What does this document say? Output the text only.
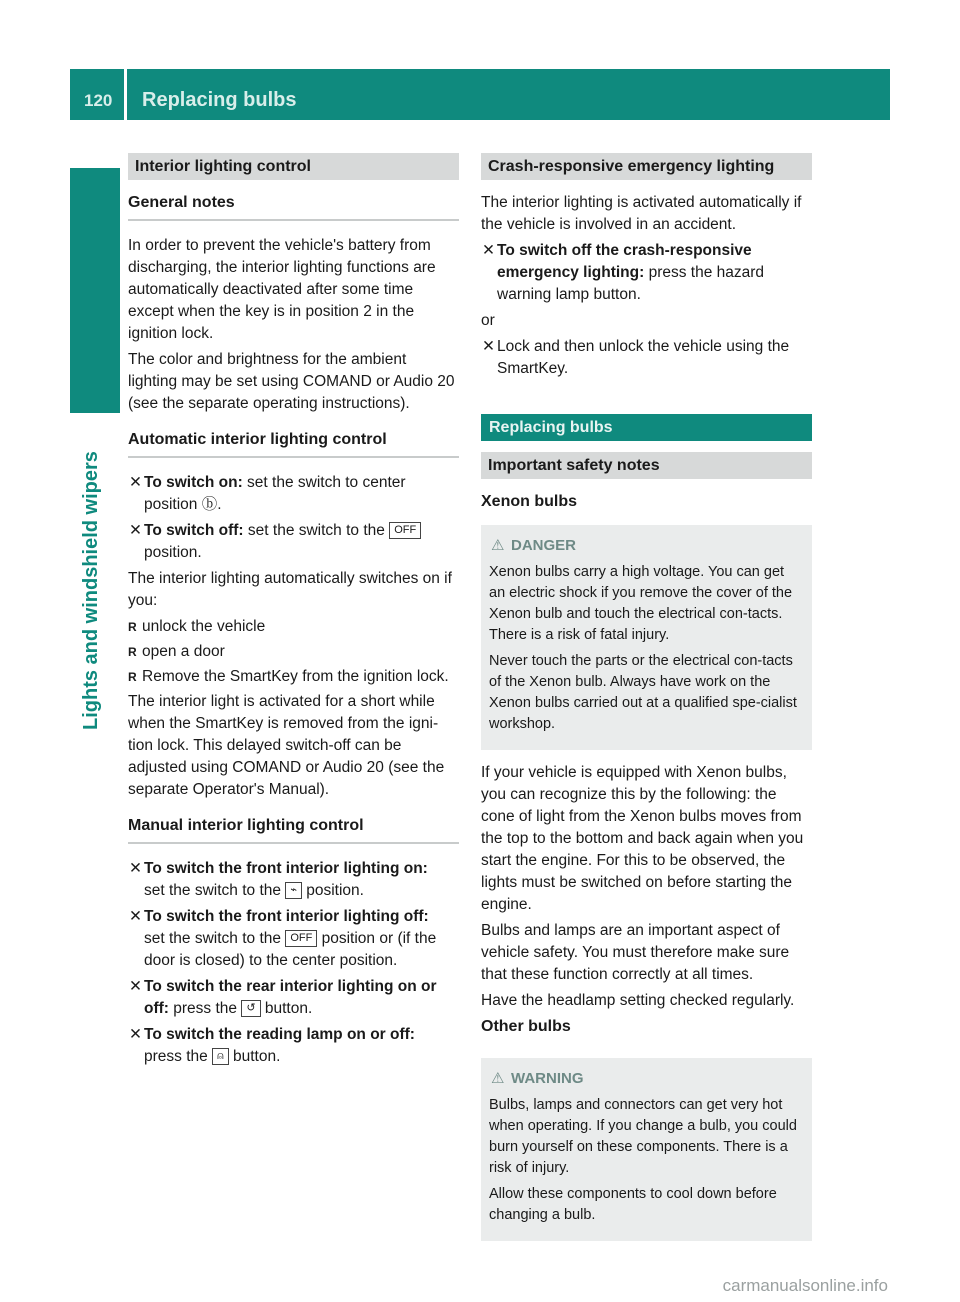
120 Replacing bulbs
Lights and windshield wipers
Interior lighting control
General notes

In order to prevent the vehicle's battery from discharging, the interior lighting functions are automatically deactivated after some time except when the key is in position 2 in the ignition lock.

The color and brightness for the ambient lighting may be set using COMAND or Audio 20 (see the separate operating instructions).

Automatic interior lighting control
✕ To switch on: set the switch to center position ⓑ.
✕ To switch off: set the switch to the OFF position.

The interior lighting automatically switches on if you:

R unlock the vehicle
R open a door
R Remove the SmartKey from the ignition lock.

The interior light is activated for a short while when the SmartKey is removed from the igni-tion lock. This delayed switch-off can be adjusted using COMAND or Audio 20 (see the separate Operator's Manual).

Manual interior lighting control
✕ To switch the front interior lighting on:
set the switch to the ⌁ position.
✕ To switch the front interior lighting off:
set the switch to the OFF position or (if the door is closed) to the center position.
✕ To switch the rear interior lighting on or off: press the ↺ button.
✕ To switch the reading lamp on or off:
press the ⍝ button.
Crash-responsive emergency lighting

The interior lighting is activated automatically if the vehicle is involved in an accident.

✕ To switch off the crash-responsive emergency lighting: press the hazard warning lamp button.

or

✕ Lock and then unlock the vehicle using the SmartKey.
Replacing bulbs
Important safety notes
Xenon bulbs
⚠ DANGER

Xenon bulbs carry a high voltage. You can get an electric shock if you remove the cover of the Xenon bulb and touch the electrical con-tacts. There is a risk of fatal injury.

Never touch the parts or the electrical con-tacts of the Xenon bulb. Always have work on the Xenon bulbs carried out at a qualified spe-cialist workshop.

If your vehicle is equipped with Xenon bulbs, you can recognize this by the following: the cone of light from the Xenon bulbs moves from the top to the bottom and back again when you start the engine. For this to be observed, the lights must be switched on before starting the engine.

Bulbs and lamps are an important aspect of vehicle safety. You must therefore make sure that these function correctly at all times.

Have the headlamp setting checked regularly.

Other bulbs
⚠ WARNING

Bulbs, lamps and connectors can get very hot when operating. If you change a bulb, you could burn yourself on these components. There is a risk of injury.

Allow these components to cool down before changing a bulb.

carmanualsonline.info
